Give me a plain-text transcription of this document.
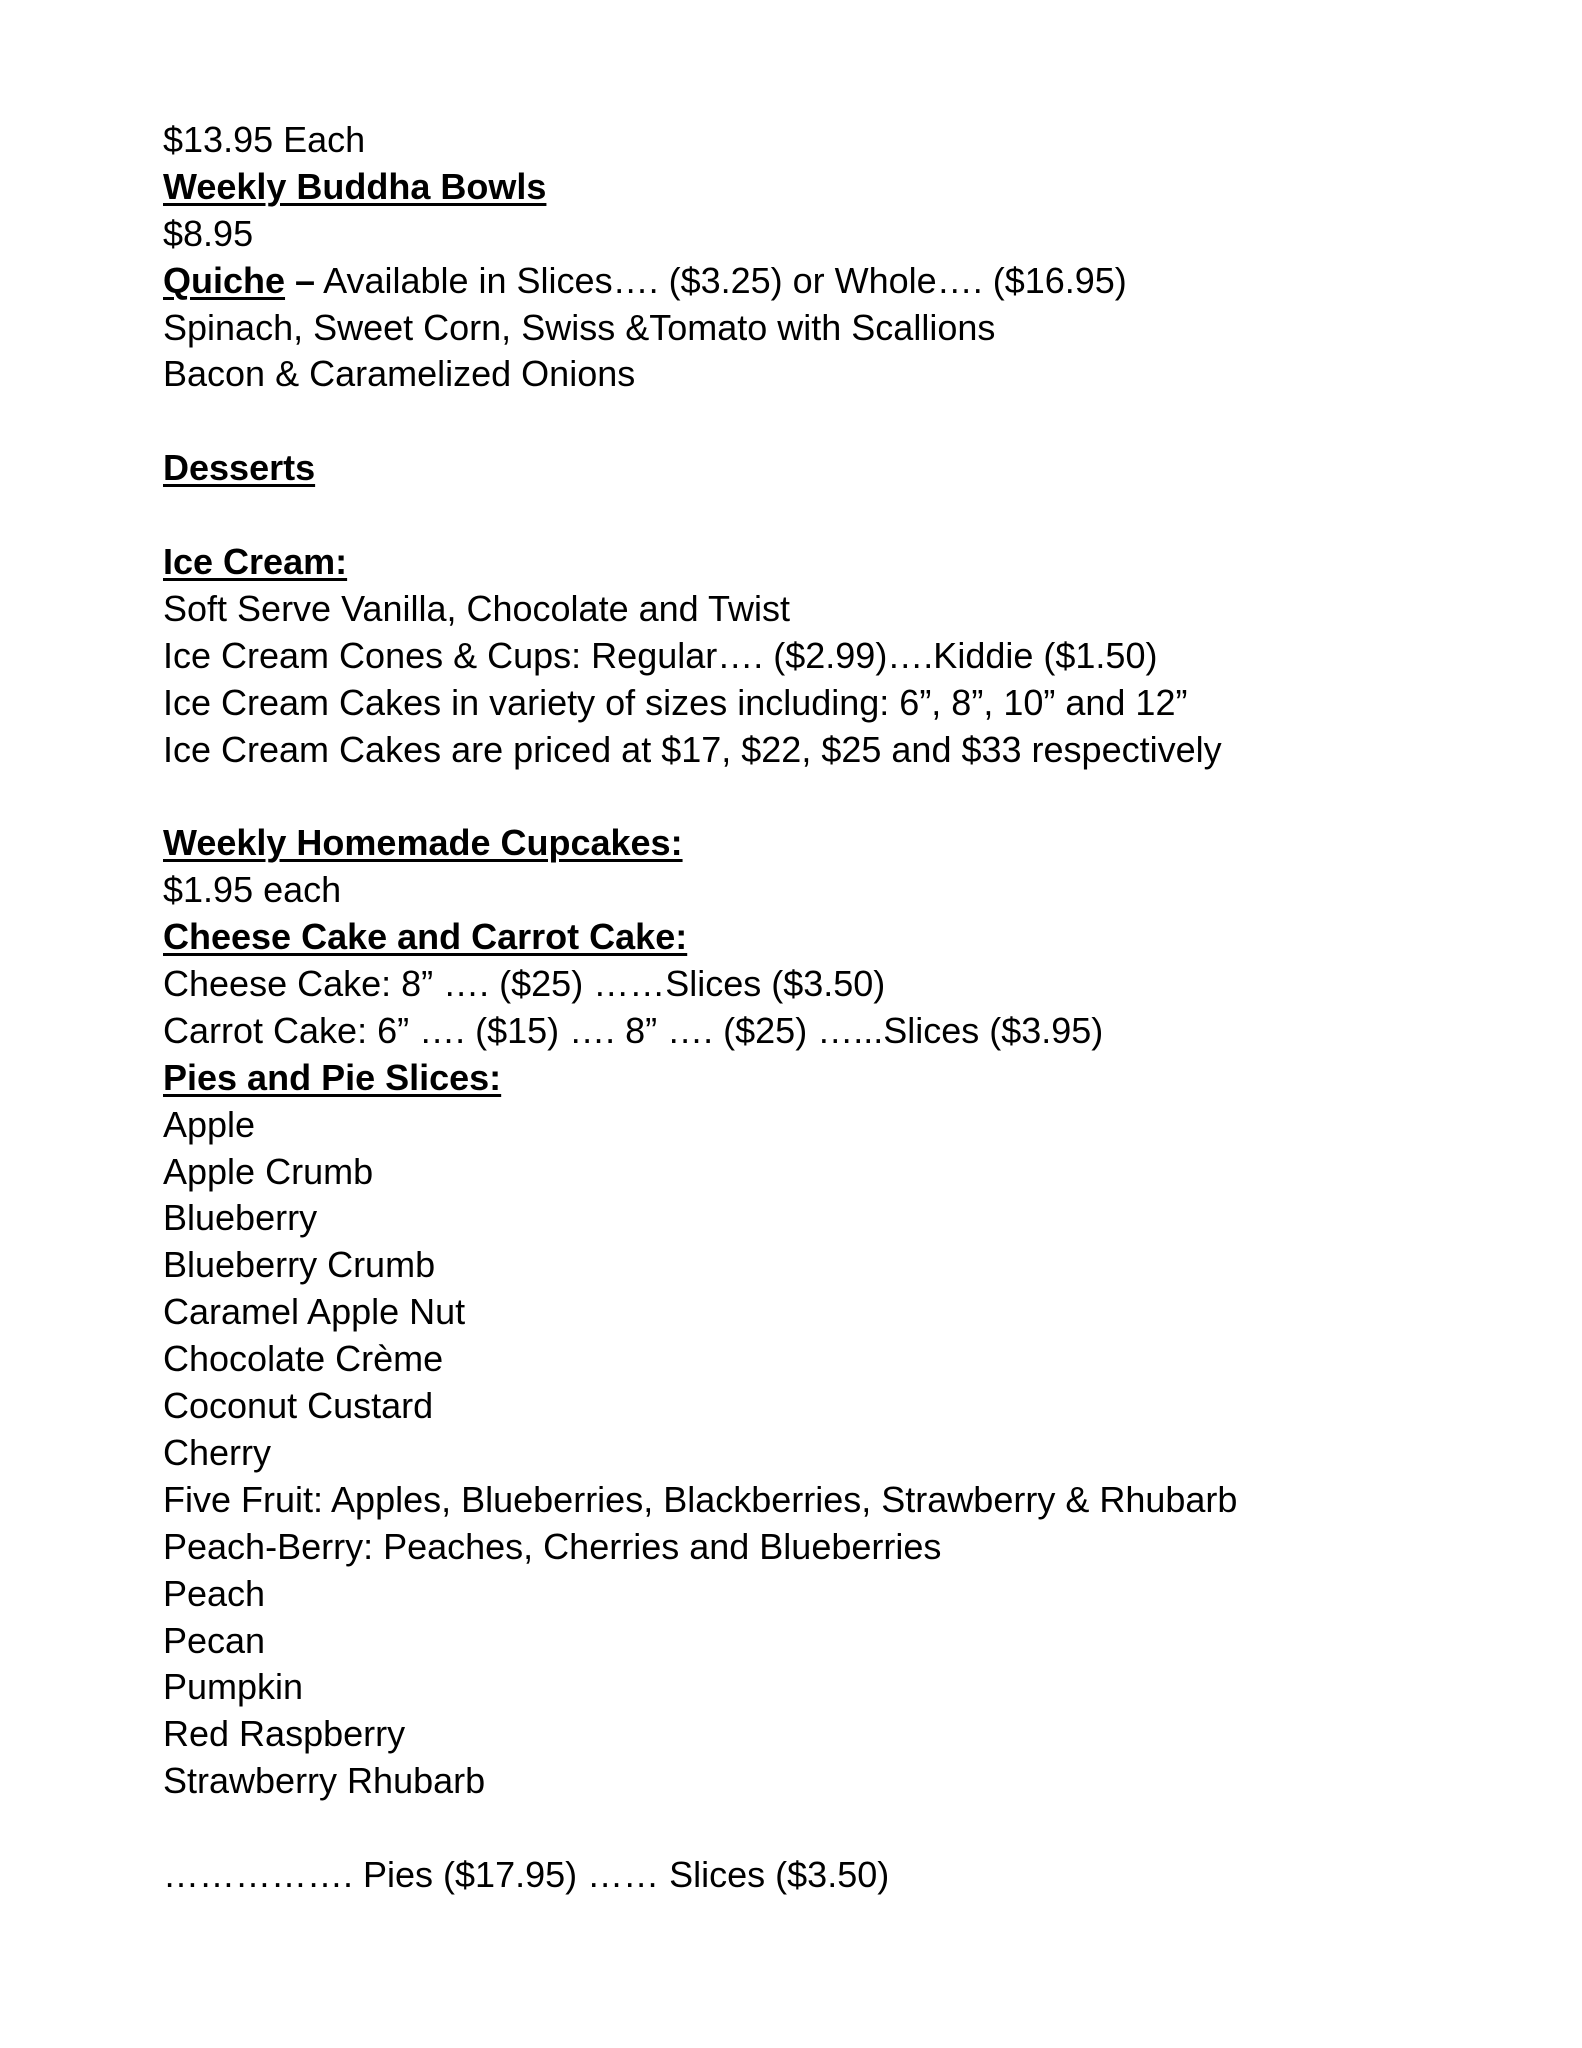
$13.95 Each
Weekly Buddha Bowls
$8.95
Quiche – Available in Slices…. ($3.25) or Whole…. ($16.95)
Spinach, Sweet Corn, Swiss &Tomato with Scallions
Bacon & Caramelized Onions
Desserts
Ice Cream:
Soft Serve Vanilla, Chocolate and Twist
Ice Cream Cones & Cups: Regular…. ($2.99)….Kiddie ($1.50)
Ice Cream Cakes in variety of sizes including: 6”, 8”, 10” and 12”
Ice Cream Cakes are priced at $17, $22, $25 and $33 respectively
Weekly Homemade Cupcakes:
$1.95 each
Cheese Cake and Carrot Cake:
Cheese Cake: 8” …. ($25) ……Slices ($3.50)
Carrot Cake: 6” …. ($15) …. 8” …. ($25) …...Slices ($3.95)
Pies and Pie Slices:
Apple
Apple Crumb
Blueberry
Blueberry Crumb
Caramel Apple Nut
Chocolate Crème
Coconut Custard
Cherry
Five Fruit: Apples, Blueberries, Blackberries, Strawberry & Rhubarb
Peach-Berry: Peaches, Cherries and Blueberries
Peach
Pecan
Pumpkin
Red Raspberry
Strawberry Rhubarb
……………. Pies ($17.95) …… Slices ($3.50)
